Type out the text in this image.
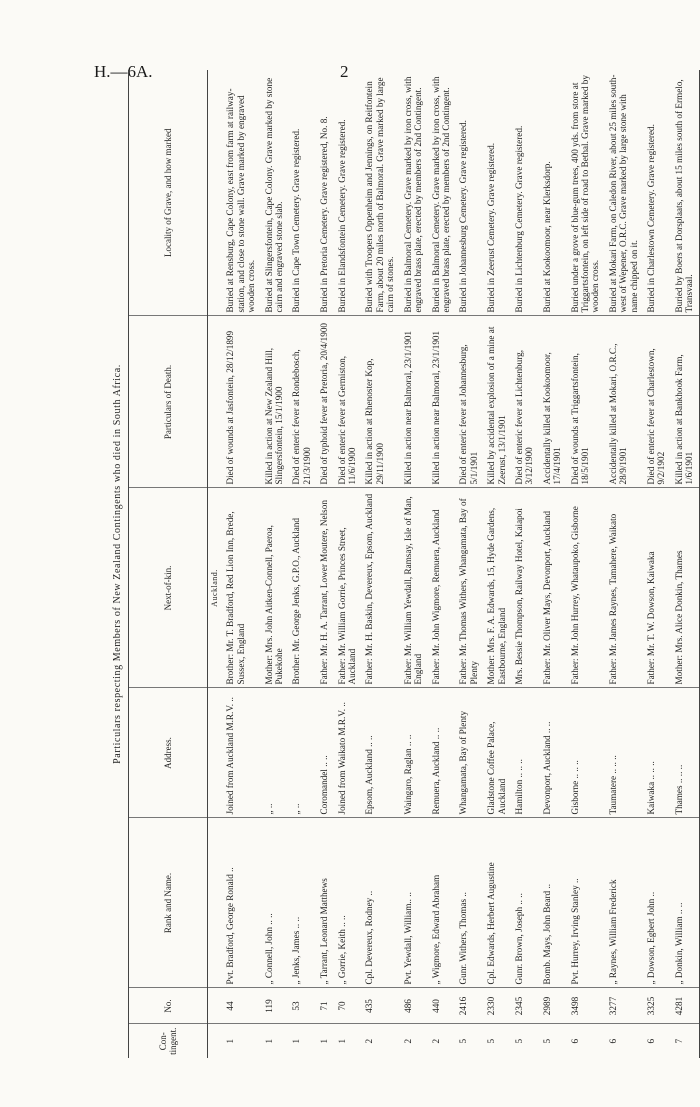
H.—6A.	2
Particulars respecting Members of New Zealand Contingents who died in South Africa.
Con-tingent.	No.	Rank and Name.	Address.	Next-of-kin.	Particulars of Death.	Locality of Grave, and how marked
				Auckland.		
1	44	Pvt. Bradford, George Ronald ..	Joined from Auckland M.R.V. ..	Brother: Mr. T. Bradford, Red Lion Inn, Brede, Sussex, England	Died of wounds at Jasfontein, 28/12/1899	Buried at Rensburg, Cape Colony, east from farm at railway-station, and close to stone wall. Grave marked by engraved wooden cross.
1	119	„ Connell, John .. ..	„ ..	Mother: Mrs. John Aitken-Connell, Paeroa, Pukekohe	Killed in action at New Zealand Hill, Slingersfontein, 15/1/1900	Buried at Slingersfontein, Cape Colony. Grave marked by stone cairn and engraved stone slab.
1	53	„ Jenks, James .. ..	„ ..	Brother: Mr. George Jenks, G.P.O., Auckland	Died of enteric fever at Rondebosch, 21/3/1900	Buried in Cape Town Cemetery. Grave registered.
1	71	„ Tarrant, Leonard Matthews	Coromandel .. ..	Father: Mr. H. A. Tarrant, Lower Moutere, Nelson	Died of typhoid fever at Pretoria, 20/4/1900	Buried in Pretoria Cemetery. Grave registered, No. 8.
1	70	„ Gorrie, Keith .. ..	Joined from Waikato M.R.V. ..	Father: Mr. William Gorrie, Princes Street, Auckland	Died of enteric fever at Germiston, 11/6/1900	Buried in Elandsfontein Cemetery. Grave registered.
2	435	Cpl. Devereux, Rodney ..	Epsom, Auckland .. ..	Father: Mr. H. Baskin, Devereux, Epsom, Auckland	Killed in action at Rhenoster Kop, 29/11/1900	Buried with Troopers Oppenheim and Jennings, on Reitfontein Farm, about 20 miles north of Balmoral. Grave marked by large cairn of stones.
2	486	Pvt. Yewdall, William.. ..	Waingaro, Raglan .. ..	Father: Mr. William Yewdall, Ramsay, Isle of Man, England	Killed in action near Balmoral, 23/1/1901	Buried in Balmoral Cemetery. Grave marked by iron cross, with engraved brass plate, erected by members of 2nd Contingent.
2	440	„ Wigmore, Edward Abraham	Remuera, Auckland .. ..	Father: Mr. John Wigmore, Remuera, Auckland	Killed in action near Balmoral, 23/1/1901	Buried in Balmoral Cemetery. Grave marked by iron cross, with engraved brass plate, erected by members of 2nd Contingent.
5	2416	Gunr. Withers, Thomas ..	Whangamata, Bay of Plenty	Father: Mr. Thomas Withers, Whangamata, Bay of Plenty	Died of enteric fever at Johannesburg, 5/1/1901	Buried in Johannesburg Cemetery. Grave registered.
5	2330	Cpl. Edwards, Herbert Augustine	Gladstone Coffee Palace, Auckland	Mother: Mrs. F. A. Edwards, 15, Hyde Gardens, Eastbourne, England	Killed by accidental explosion of a mine at Zeerust, 13/1/1901	Buried in Zeerust Cemetery. Grave registered.
5	2345	Gunr. Brown, Joseph .. ..	Hamilton .. .. ..	Mrs. Bessie Thompson, Railway Hotel, Kaiapoi	Died of enteric fever at Lichtenburg, 3/12/1900	Buried in Lichtenburg Cemetery. Grave registered.
5	2989	Bomb. Mays, John Beard ..	Devonport, Auckland .. ..	Father: Mr. Oliver Mays, Devonport, Auckland	Accidentally killed at Kookoomoor, 17/4/1901	Buried at Kookoomoor, near Klerksdorp.
6	3498	Pvt. Hurrey, Irving Stanley ..	Gisborne .. .. ..	Father: Mr. John Hurrey, Whataupoko, Gisborne	Died of wounds at Triggartsfontein, 18/5/1901	Buried under a grove of blue-gum trees, 400 yds. from store at Triggartsfontein, on left side of road to Bethal. Grave marked by wooden cross.
6	3277	„ Raynes, William Frederick	Taumatere .. .. ..	Father: Mr. James Raynes, Tamahere, Waikato	Accidentally killed at Mokari, O.R.C., 28/9/1901	Buried at Mokari Farm, on Caledon River, about 25 miles south-west of Wepener, O.R.C. Grave marked by large stone with name chipped on it.
6	3325	„ Dowson, Egbert John ..	Kaiwaka .. .. ..	Father: Mr. T. W. Dowson, Kaiwaka	Died of enteric fever at Charlestown, 9/2/1902	Buried in Charlestown Cemetery. Grave registered.
7	4281	„ Donkin, William .. ..	Thames .. .. ..	Mother: Mrs. Alice Donkin, Thames	Killed in action at Bankhook Farm, 1/6/1901	Buried by Boers at Dorsplaats, about 15 miles south of Ermelo, Transvaal.
